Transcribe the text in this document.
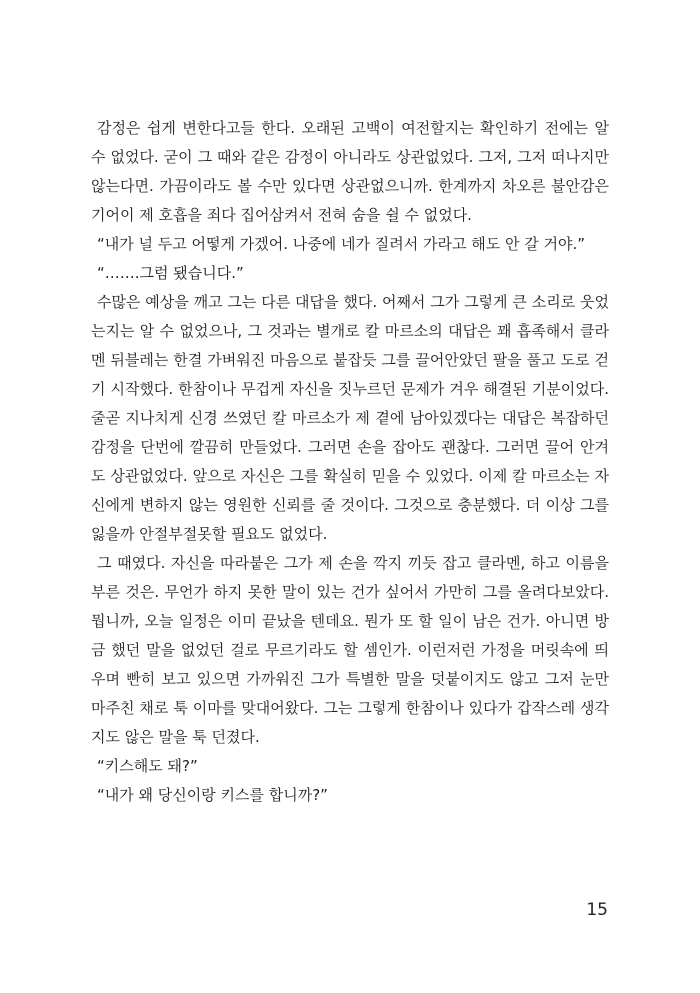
감정은 쉽게 변한다고들 한다. 오래된 고백이 여전할지는 확인하기 전에는 알 수 없었다. 굳이 그 때와 같은 감정이 아니라도 상관없었다. 그저, 그저 떠나지만 않는다면. 가끔이라도 볼 수만 있다면 상관없으니까. 한계까지 차오른 불안감은 기어이 제 호흡을 죄다 집어삼켜서 전혀 숨을 쉴 수 없었다.

“내가 널 두고 어떻게 가겠어. 나중에 네가 질려서 가라고 해도 안 갈 거야.”

“…….그럼 됐습니다.”

수많은 예상을 깨고 그는 다른 대답을 했다. 어째서 그가 그렇게 큰 소리로 웃었는지는 알 수 없었으나, 그 것과는 별개로 칼 마르소의 대답은 꽤 흡족해서 클라멘 뒤블레는 한결 가벼워진 마음으로 붙잡듯 그를 끌어안았던 팔을 풀고 도로 걷기 시작했다. 한참이나 무겁게 자신을 짓누르던 문제가 겨우 해결된 기분이었다. 줄곧 지나치게 신경 쓰였던 칼 마르소가 제 곁에 남아있겠다는 대답은 복잡하던 감정을 단번에 깔끔히 만들었다. 그러면 손을 잡아도 괜찮다. 그러면 끌어 안겨도 상관없었다. 앞으로 자신은 그를 확실히 믿을 수 있었다. 이제 칼 마르소는 자신에게 변하지 않는 영원한 신뢰를 줄 것이다. 그것으로 충분했다. 더 이상 그를 잃을까 안절부절못할 필요도 없었다.

그 때였다. 자신을 따라붙은 그가 제 손을 깍지 끼듯 잡고 클라멘, 하고 이름을 부른 것은. 무언가 하지 못한 말이 있는 건가 싶어서 가만히 그를 올려다보았다. 뭡니까, 오늘 일정은 이미 끝났을 텐데요. 뭔가 또 할 일이 남은 건가. 아니면 방금 했던 말을 없었던 걸로 무르기라도 할 셈인가. 이런저런 가정을 머릿속에 띄우며 빤히 보고 있으면 가까워진 그가 특별한 말을 덧붙이지도 않고 그저 눈만 마주친 채로 툭 이마를 맞대어왔다. 그는 그렇게 한참이나 있다가 갑작스레 생각지도 않은 말을 툭 던졌다.

“키스해도 돼?”

“내가 왜 당신이랑 키스를 합니까?”

15
